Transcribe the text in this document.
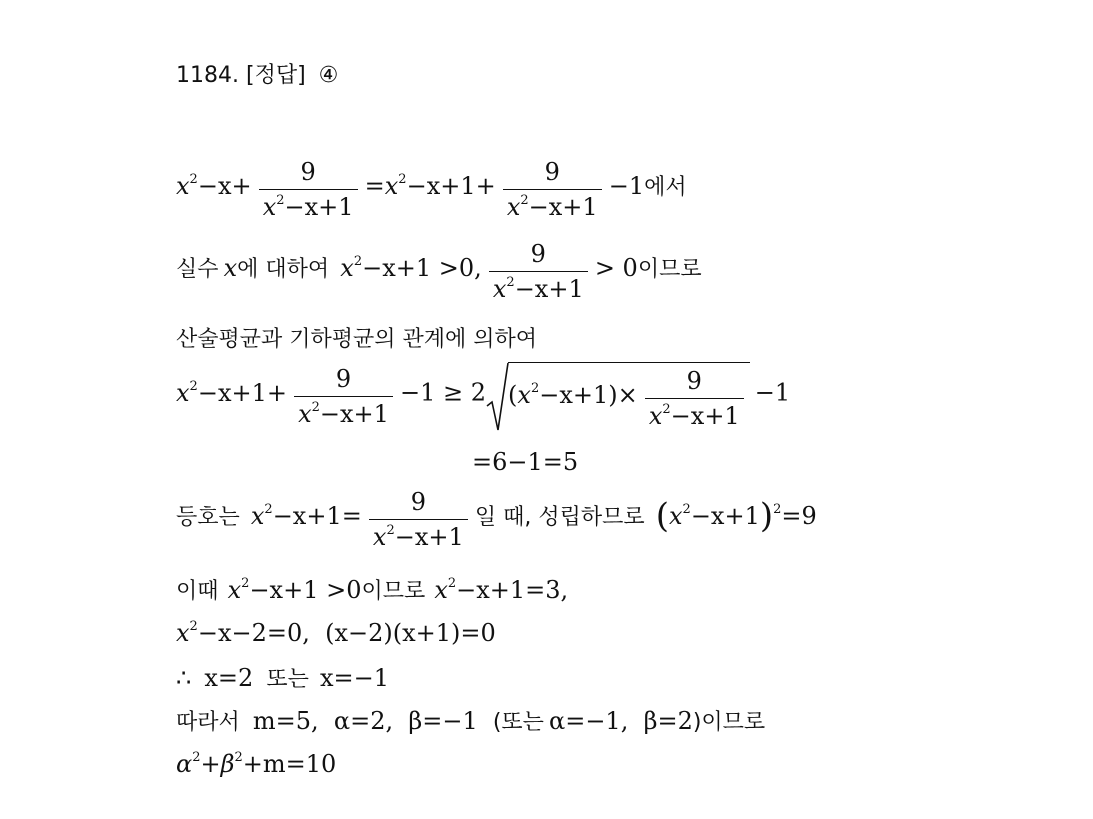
1184. [정답] ④
$x^2-x+ \frac{9}{x^2-x+1} =x^2-x+1+ \frac{9}{x^2-x+1} -1$에서
실수 x에 대하여 $x^2-x+1 >0$, $\frac{9}{x^2-x+1} > 0$이므로
산술평균과 기하평균의 관계에 의하여
$x^2-x+1+ \frac{9}{x^2-x+1} -1 \ge 2$ $(x^2-x+1)\times \frac{9}{x^2-x+1} -1$
=6−1=5
등호는 $x^2-x+1= \frac{9}{x^2-x+1}$ 일 때, 성립하므로 $(x^2-x+1)^2=9$
이때 $x^2-x+1 >0$이므로 $x^2-x+1=3$,
$x^2-x-2=0$,  (x−2)(x+1)=0
∴ x=2 또는 x=−1
따라서 m=5,  α=2,  β=−1 (또는 α=−1,  β=2)이므로
$\alpha^2+\beta^2+m=10$
